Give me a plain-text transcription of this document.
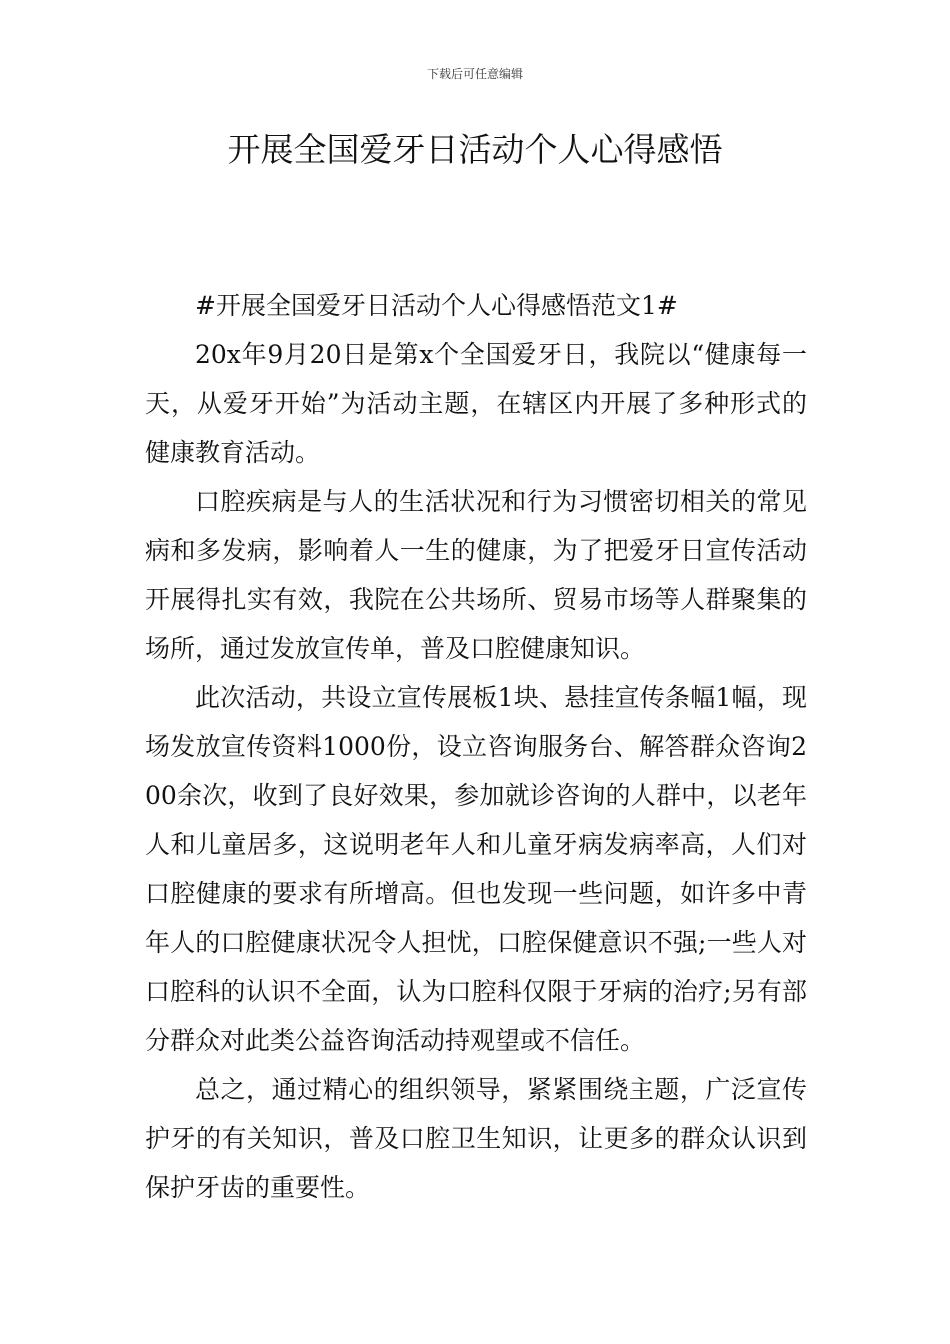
下载后可任意编辑
开展全国爱牙日活动个人心得感悟

#开展全国爱牙日活动个人心得感悟范文1#

20x年9月20日是第x个全国爱牙日，我院以“健康每一天，从爱牙开始”为活动主题，在辖区内开展了多种形式的健康教育活动。

口腔疾病是与人的生活状况和行为习惯密切相关的常见病和多发病，影响着人一生的健康，为了把爱牙日宣传活动开展得扎实有效，我院在公共场所、贸易市场等人群聚集的场所，通过发放宣传单，普及口腔健康知识。

此次活动，共设立宣传展板1块、悬挂宣传条幅1幅，现场发放宣传资料1000份，设立咨询服务台、解答群众咨询200余次，收到了良好效果，参加就诊咨询的人群中，以老年人和儿童居多，这说明老年人和儿童牙病发病率高，人们对口腔健康的要求有所增高。但也发现一些问题，如许多中青年人的口腔健康状况令人担忧，口腔保健意识不强;一些人对口腔科的认识不全面，认为口腔科仅限于牙病的治疗;另有部分群众对此类公益咨询活动持观望或不信任。

总之，通过精心的组织领导，紧紧围绕主题，广泛宣传护牙的有关知识，普及口腔卫生知识，让更多的群众认识到保护牙齿的重要性。
